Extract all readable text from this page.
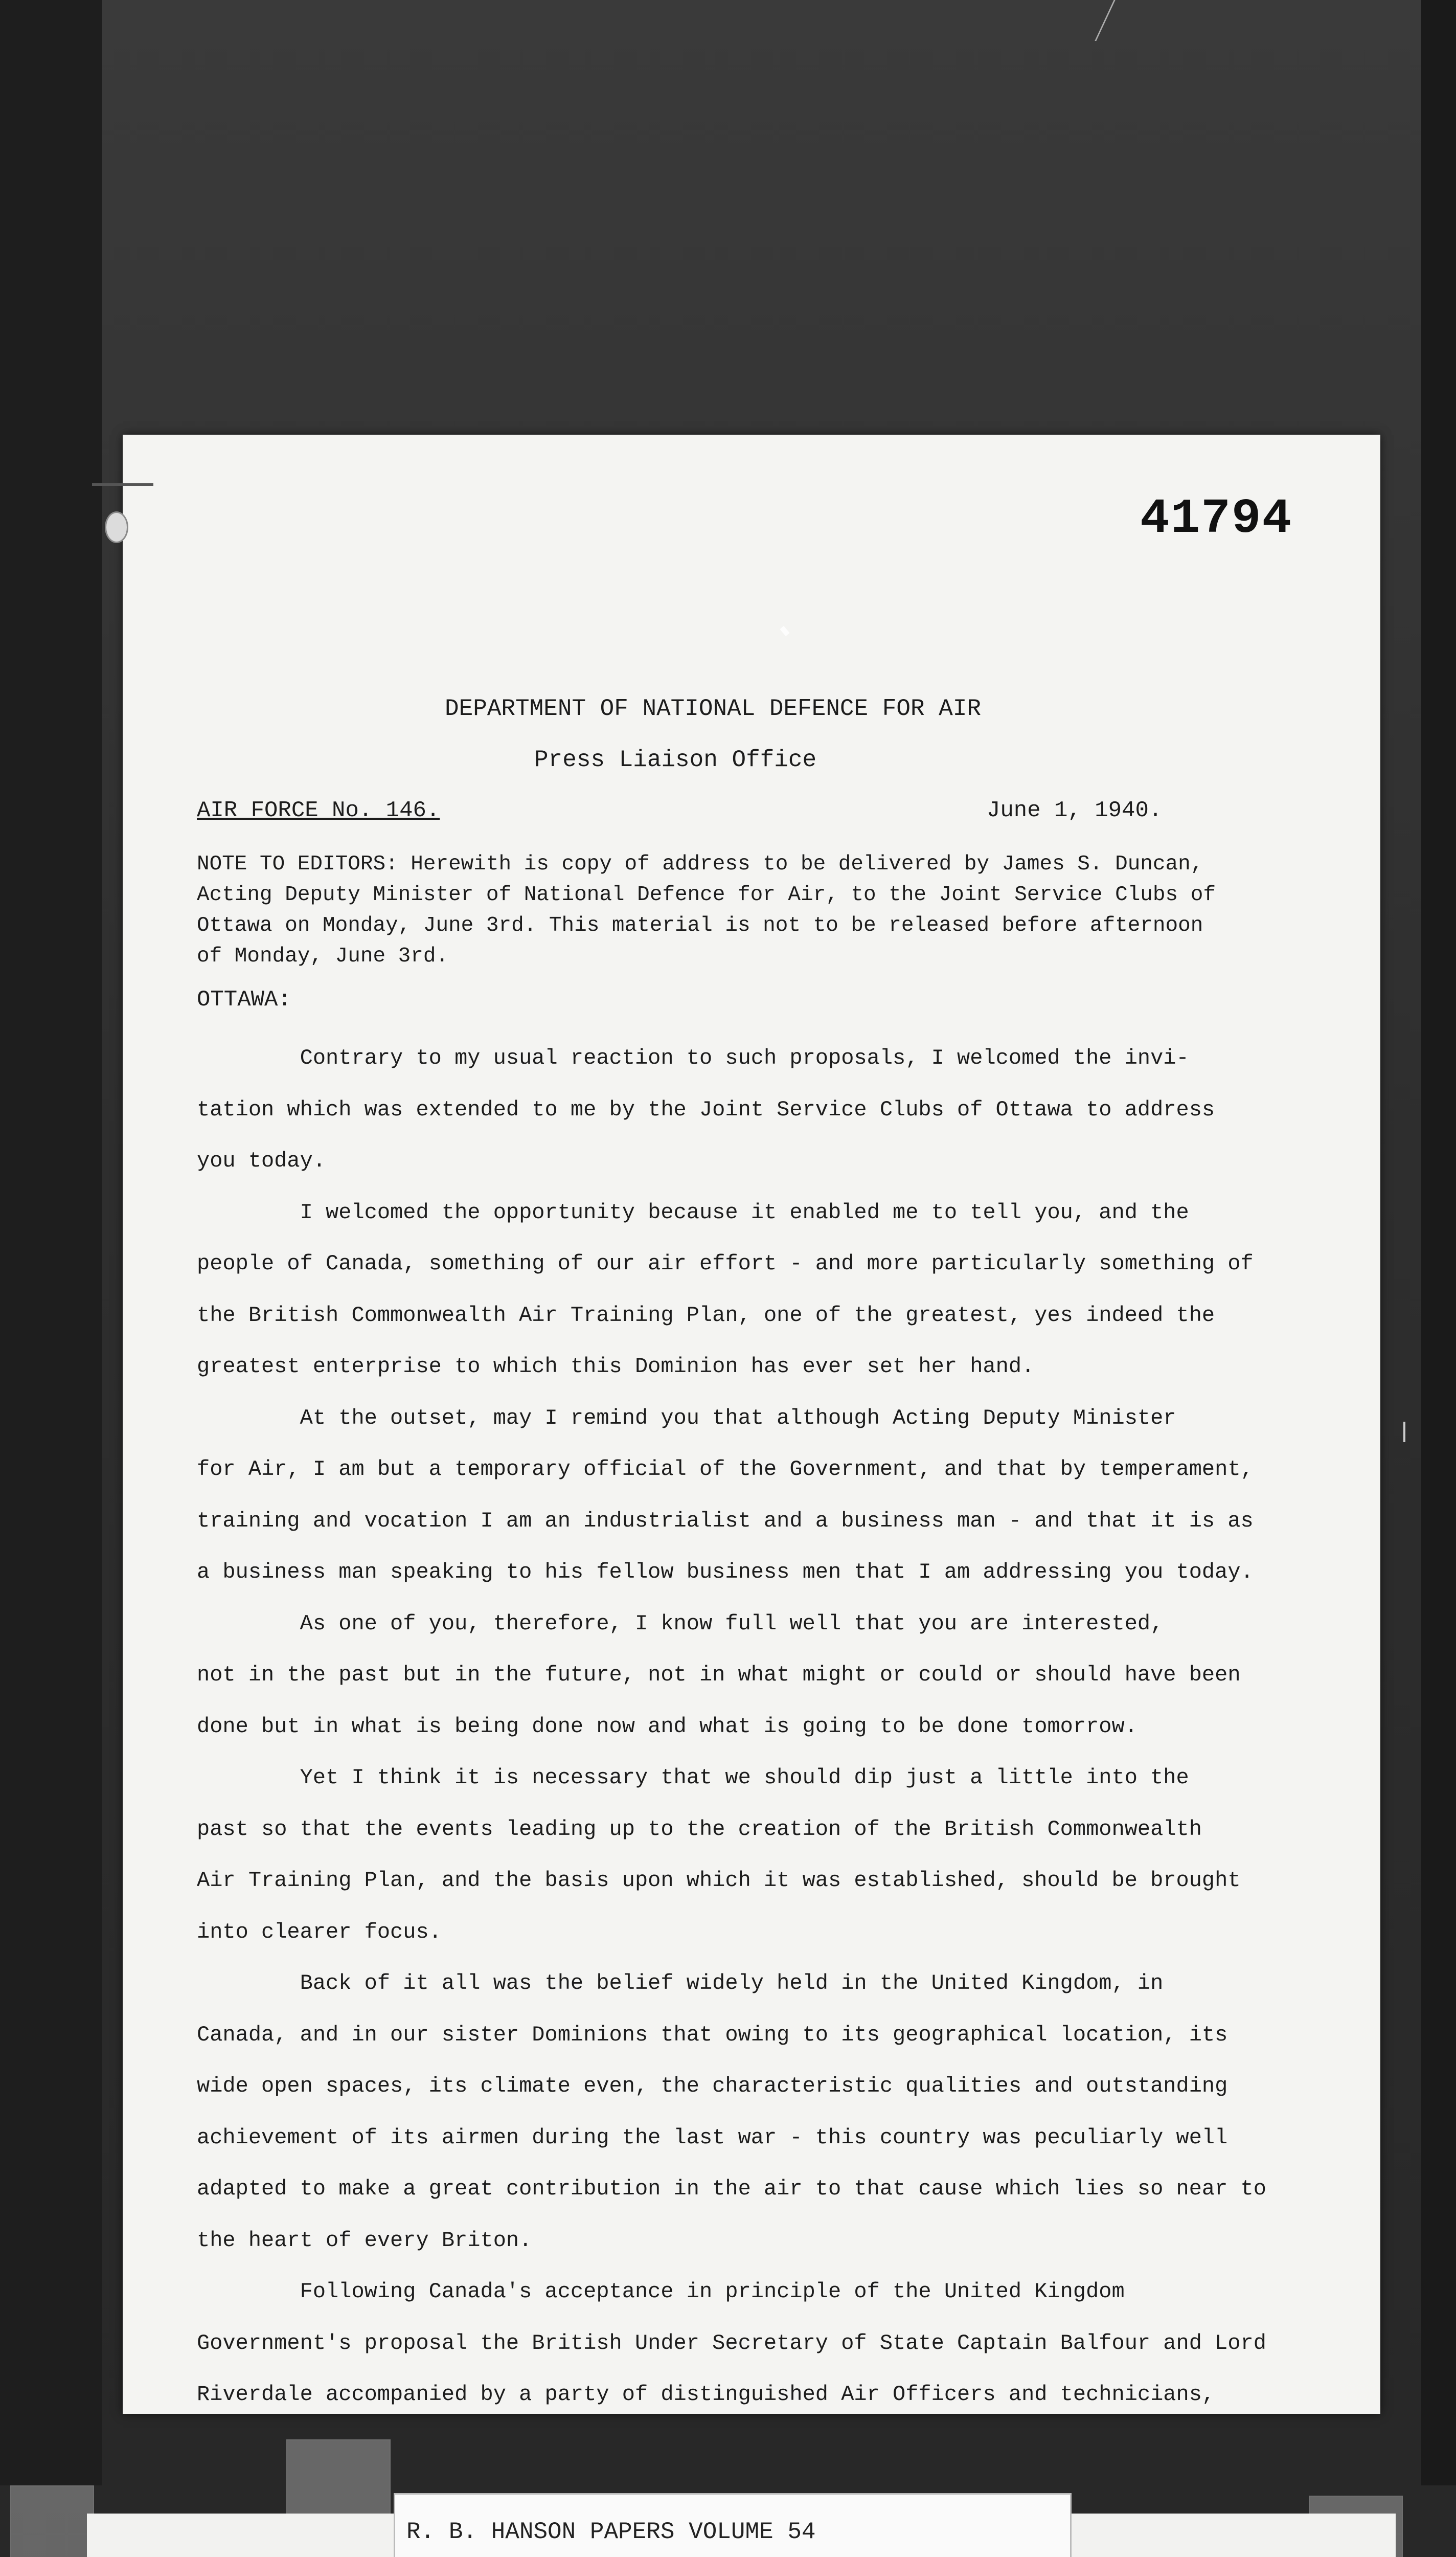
41794
DEPARTMENT OF NATIONAL DEFENCE FOR AIR
Press Liaison Office
AIR FORCE No. 146.	June 1, 1940.
NOTE TO EDITORS: Herewith is copy of address to be delivered by James S. Duncan,
Acting Deputy Minister of National Defence for Air, to the Joint Service Clubs of
Ottawa on Monday, June 3rd. This material is not to be released before afternoon
of Monday, June 3rd.
OTTAWA:
Contrary to my usual reaction to such proposals, I welcomed the invi-
tation which was extended to me by the Joint Service Clubs of Ottawa to address
you today.
I welcomed the opportunity because it enabled me to tell you, and the
people of Canada, something of our air effort - and more particularly something of
the British Commonwealth Air Training Plan, one of the greatest, yes indeed the
greatest enterprise to which this Dominion has ever set her hand.
At the outset, may I remind you that although Acting Deputy Minister
for Air, I am but a temporary official of the Government, and that by temperament,
training and vocation I am an industrialist and a business man - and that it is as
a business man speaking to his fellow business men that I am addressing you today.
As one of you, therefore, I know full well that you are interested,
not in the past but in the future, not in what might or could or should have been
done but in what is being done now and what is going to be done tomorrow.
Yet I think it is necessary that we should dip just a little into the
past so that the events leading up to the creation of the British Commonwealth
Air Training Plan, and the basis upon which it was established, should be brought
into clearer focus.
Back of it all was the belief widely held in the United Kingdom, in
Canada, and in our sister Dominions that owing to its geographical location, its
wide open spaces, its climate even, the characteristic qualities and outstanding
achievement of its airmen during the last war - this country was peculiarly well
adapted to make a great contribution in the air to that cause which lies so near to
the heart of every Briton.
Following Canada's acceptance in principle of the United Kingdom
Government's proposal the British Under Secretary of State Captain Balfour and Lord
Riverdale accompanied by a party of distinguished Air Officers and technicians,
R. B. HANSON PAPERS VOLUME 54
